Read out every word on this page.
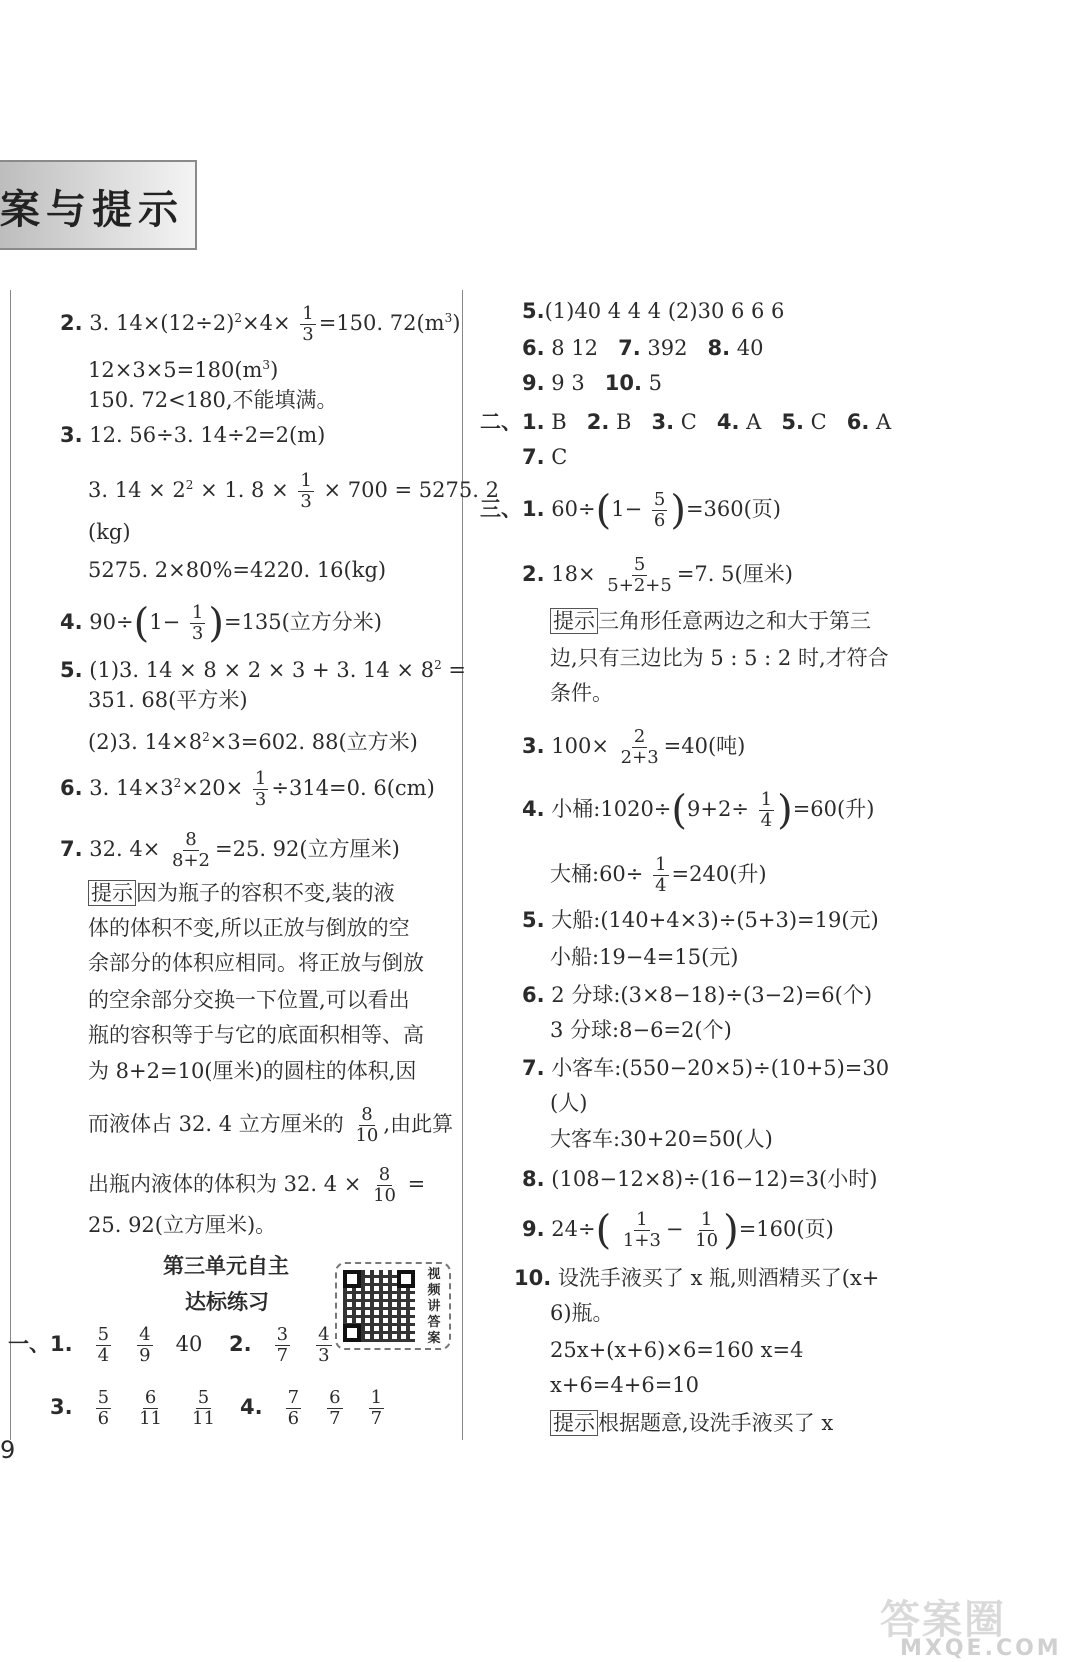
案与提示
2. 3. $14\times(12\div 2)^2\times 4\times \frac{1}{3} =150$. $72(m^3)$
$12\times 3\times 5=180(m^3)$
150. 72<180,不能填满。
3. 12. 56÷3. 14÷2=2(m)
3. $14 \times 2^2 \times 1$. $8 \times \frac{1}{3} \times 700 = 5275$. 2
(kg)
5275. 2×80%=4220. 16(kg)
4. $90\div(1- \frac{1}{3} )=135$(立方分米)
5. (1)3. 14 × 8 × 2 × 3 + 3. $14 \times 8^2$ =
351. 68(平方米)
(2)3. $14\times 8^2\times 3=602$. 88(立方米)
6. 3. $14\times 3^2\times 20\times \frac{1}{3} \div 314=0$. 6(cm)
7. 32. $4\times \frac{8}{8+2} =25$. 92(立方厘米)
提示 因为瓶子的容积不变,装的液
体的体积不变,所以正放与倒放的空
余部分的体积应相同。将正放与倒放
的空余部分交换一下位置,可以看出
瓶的容积等于与它的底面积相等、高
为 8+2=10(厘米)的圆柱的体积,因
而液体占 32. 4 立方厘米的 $\frac{8}{10}$ ,由此算
出瓶内液体的体积为 32. $4 \times \frac{8}{10}$ =
25. 92(立方厘米)。
第三单元自主
达标练习
视频讲答案
一、1. $\frac{5}{4}$
$\frac{4}{9} 40$ 2. $\frac{3}{7}$
$\frac{4}{3}$
3. $\frac{5}{6}$
$\frac{6}{11}$
$\frac{5}{11} 4$. $\frac{7}{6}$
$\frac{6}{7}$
$\frac{1}{7}$
9
5.(1)40 4 4 4 (2)30 6 6 6
6. 8 12 7. 392 8. 40
9. 9 3 10. 5
二、1. B 2. B 3. C 4. A 5. C 6. A
7. C
三、1. $60\div(1- \frac{5}{6} )=360$(页)
2. $18\times \frac{5}{5+2+5} =7$. 5(厘米)
提示 三角形任意两边之和大于第三
边,只有三边比为 5 : 5 : 2 时,才符合
条件。
3. $100\times \frac{2}{2+3} =40$(吨)
4. 小桶:1020÷(9+2÷ $\frac{1}{4} )=60$(升)
大桶:60÷ $\frac{1}{4} =240$(升)
5. 大船:(140+4×3)÷(5+3)=19(元)
小船:19−4=15(元)
6. 2 分球:(3×8−18)÷(3−2)=6(个)
3 分球:8−6=2(个)
7. 小客车:(550−20×5)÷(10+5)=30
(人)
大客车:30+20=50(人)
8. (108−12×8)÷(16−12)=3(小时)
9. $24\div( \frac{1}{1+3} - \frac{1}{10} )=160$(页)
10. 设洗手液买了 x 瓶,则酒精买了(x+
6)瓶。
25x+(x+6)×6=160 x=4
x+6=4+6=10
提示 根据题意,设洗手液买了 x
答案圈
MXQE.COM
